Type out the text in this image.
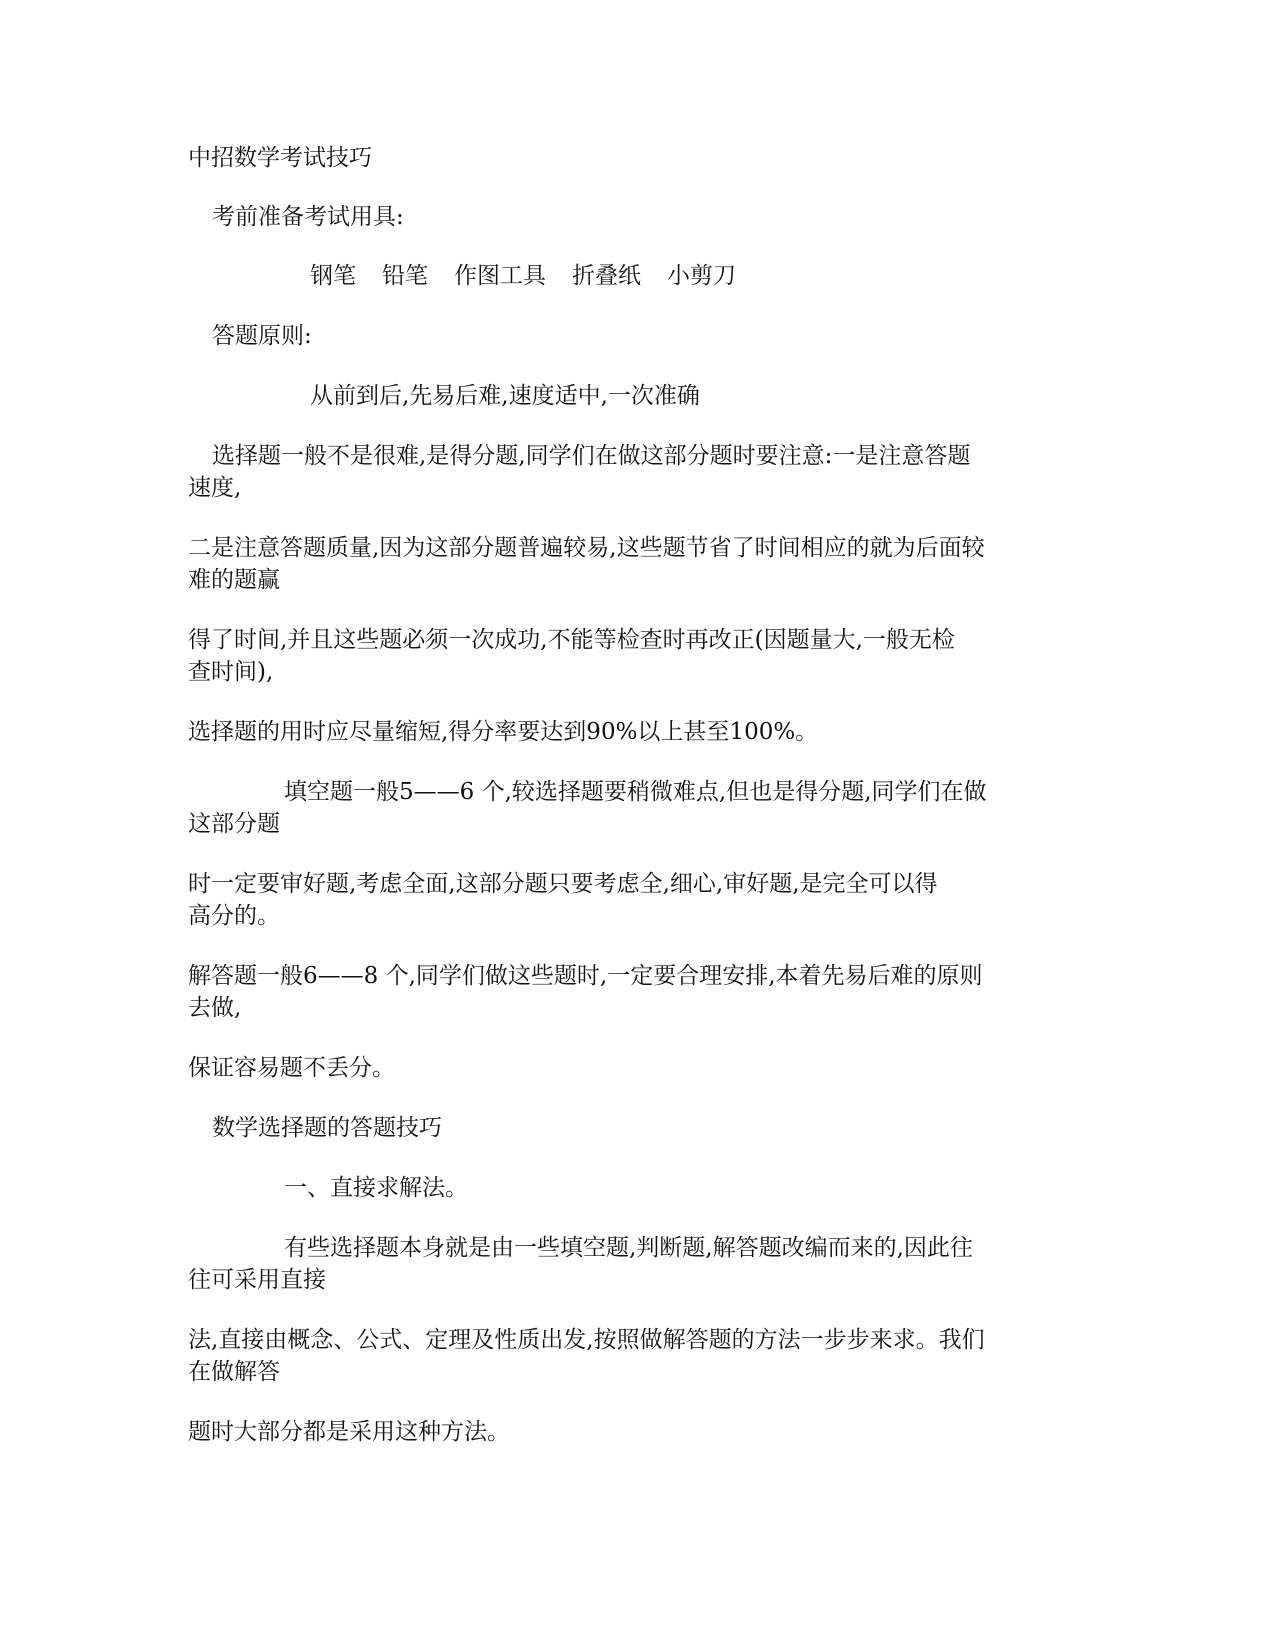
中招数学考试技巧

考前准备考试用具:

钢笔 铅笔 作图工具 折叠纸 小剪刀

答题原则:

从前到后,先易后难,速度适中,一次准确

选择题一般不是很难,是得分题,同学们在做这部分题时要注意:一是注意答题
速度,
二是注意答题质量,因为这部分题普遍较易,这些题节省了时间相应的就为后面较
难的题赢
得了时间,并且这些题必须一次成功,不能等检查时再改正(因题量大,一般无检
查时间),

选择题的用时应尽量缩短,得分率要达到90%以上甚至100%。

填空题一般5——6 个,较选择题要稍微难点,但也是得分题,同学们在做
这部分题
时一定要审好题,考虑全面,这部分题只要考虑全,细心,审好题,是完全可以得
高分的。
解答题一般6——8 个,同学们做这些题时,一定要合理安排,本着先易后难的原则
去做,

保证容易题不丢分。

数学选择题的答题技巧

一、直接求解法。

有些选择题本身就是由一些填空题,判断题,解答题改编而来的,因此往
往可采用直接
法,直接由概念、公式、定理及性质出发,按照做解答题的方法一步步来求。我们
在做解答

题时大部分都是采用这种方法。
